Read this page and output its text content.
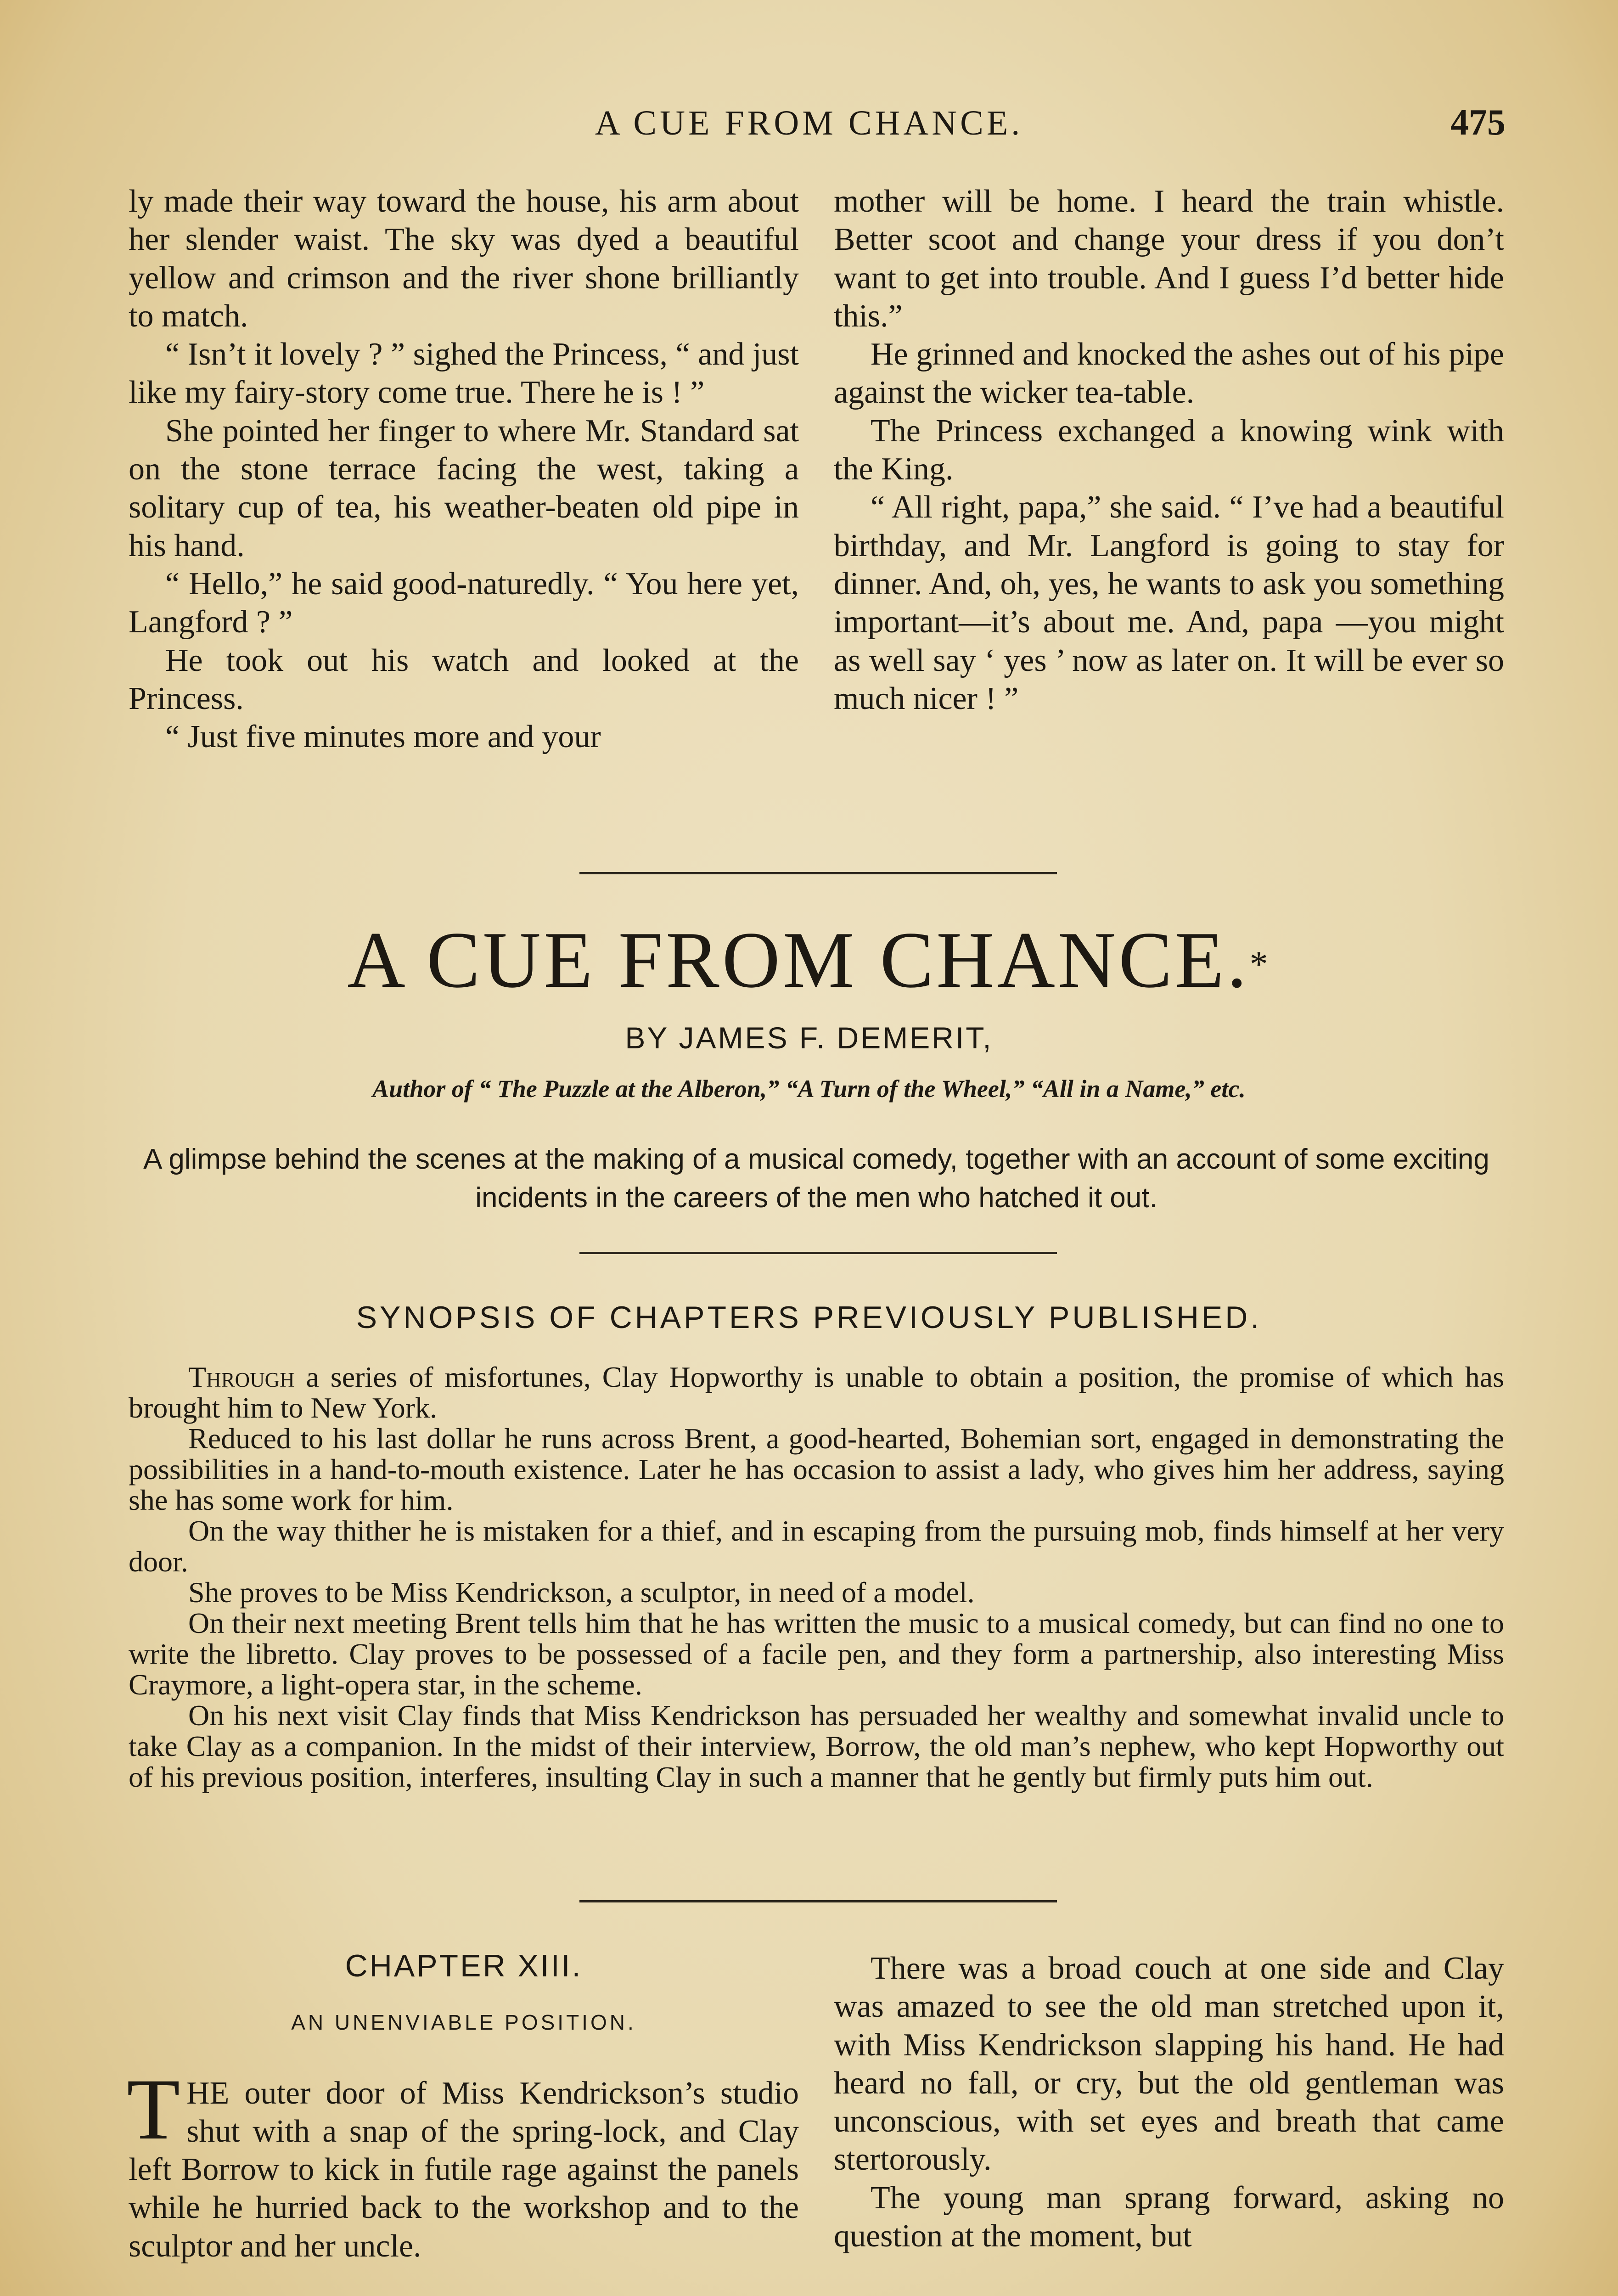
A CUE FROM CHANCE.	475

ly made their way toward the house, his arm about her slender waist. The sky was dyed a beautiful yellow and crimson and the river shone brilliantly to match.

“ Isn’t it lovely ? ” sighed the Princess, “ and just like my fairy-story come true. There he is ! ”

She pointed her finger to where Mr. Standard sat on the stone terrace facing the west, taking a solitary cup of tea, his weather-beaten old pipe in his hand.

“ Hello,” he said good-naturedly. “ You here yet, Langford ? ”

He took out his watch and looked at the Princess.

“ Just five minutes more and your

mother will be home. I heard the train whistle. Better scoot and change your dress if you don’t want to get into trouble. And I guess I’d better hide this.”

He grinned and knocked the ashes out of his pipe against the wicker tea-table.

The Princess exchanged a knowing wink with the King.

“ All right, papa,” she said. “ I’ve had a beautiful birthday, and Mr. Langford is going to stay for dinner. And, oh, yes, he wants to ask you something important—it’s about me. And, papa —you might as well say ‘ yes ’ now as later on. It will be ever so much nicer ! ”

A CUE FROM CHANCE.*
BY JAMES F. DEMERIT,
Author of “ The Puzzle at the Alberon,” “A Turn of the Wheel,” “All in a Name,” etc.
A glimpse behind the scenes at the making of a musical comedy, together with an account of some exciting incidents in the careers of the men who hatched it out.
SYNOPSIS OF CHAPTERS PREVIOUSLY PUBLISHED.

Through a series of misfortunes, Clay Hopworthy is unable to obtain a position, the promise of which has brought him to New York.

Reduced to his last dollar he runs across Brent, a good-hearted, Bohemian sort, engaged in demonstrating the possibilities in a hand-to-mouth existence. Later he has occasion to assist a lady, who gives him her address, saying she has some work for him.

On the way thither he is mistaken for a thief, and in escaping from the pursuing mob, finds himself at her very door.

She proves to be Miss Kendrickson, a sculptor, in need of a model.

On their next meeting Brent tells him that he has written the music to a musical comedy, but can find no one to write the libretto. Clay proves to be possessed of a facile pen, and they form a partnership, also interesting Miss Craymore, a light-opera star, in the scheme.

On his next visit Clay finds that Miss Kendrickson has persuaded her wealthy and somewhat invalid uncle to take Clay as a companion. In the midst of their interview, Borrow, the old man’s nephew, who kept Hopworthy out of his previous position, interferes, insulting Clay in such a manner that he gently but firmly puts him out.

CHAPTER XIII.
AN UNENVIABLE POSITION.

THE outer door of Miss Kendrickson’s studio shut with a snap of the spring-lock, and Clay left Borrow to kick in futile rage against the panels while he hurried back to the workshop and to the sculptor and her uncle.

There was a broad couch at one side and Clay was amazed to see the old man stretched upon it, with Miss Kendrickson slapping his hand. He had heard no fall, or cry, but the old gentleman was unconscious, with set eyes and breath that came stertorously.

The young man sprang forward, asking no question at the moment, but
